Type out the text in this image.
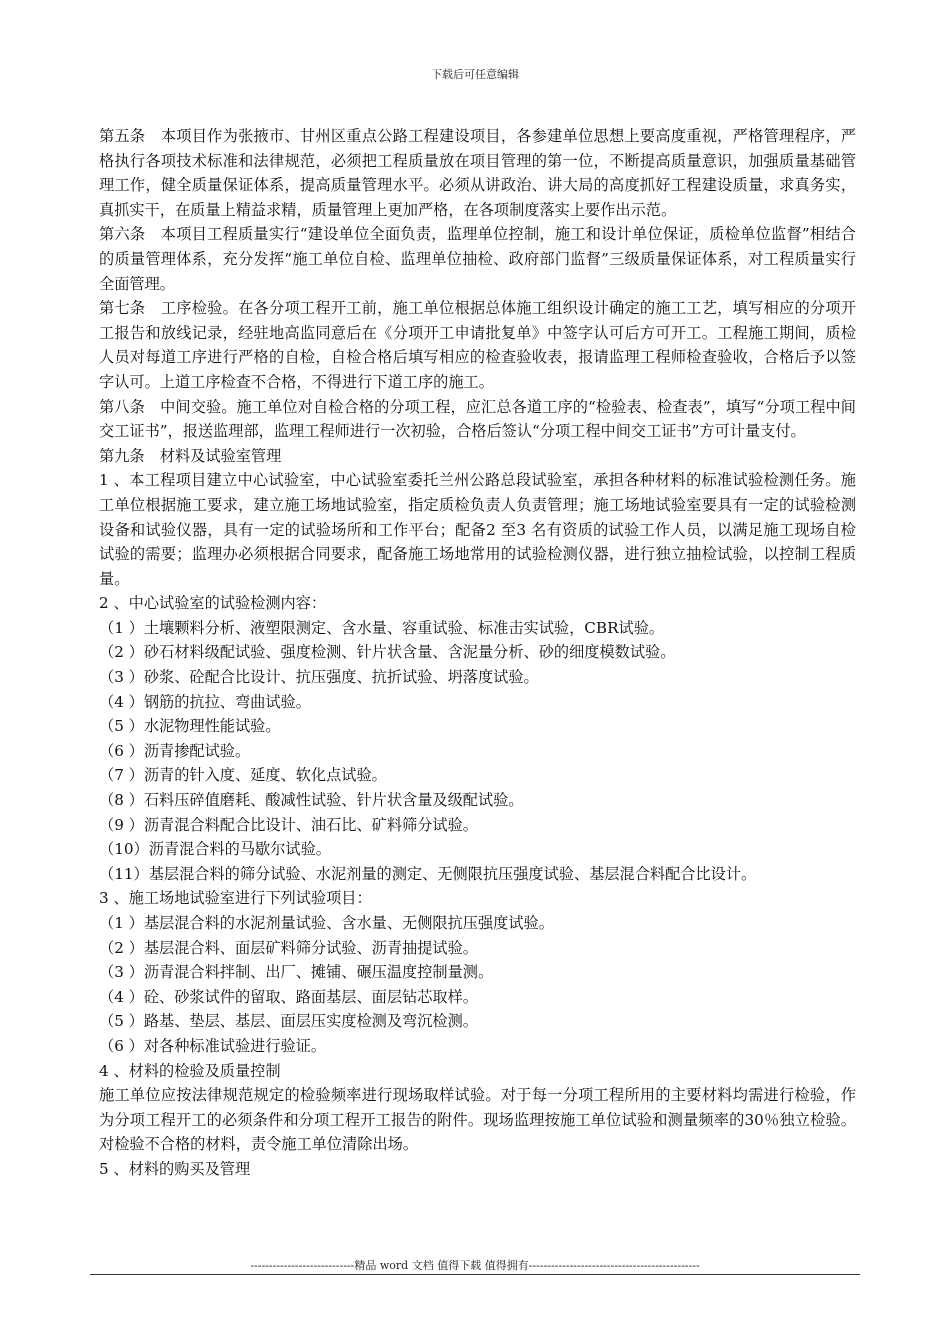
下载后可任意编辑

第五条　本项目作为张掖市、甘州区重点公路工程建设项目，各参建单位思想上要高度重视，严格管理程序，严格执行各项技术标准和法律规范，必须把工程质量放在项目管理的第一位，不断提高质量意识，加强质量基础管理工作，健全质量保证体系，提高质量管理水平。必须从讲政治、讲大局的高度抓好工程建设质量，求真务实，真抓实干，在质量上精益求精，质量管理上更加严格，在各项制度落实上要作出示范。

第六条　本项目工程质量实行“建设单位全面负责，监理单位控制，施工和设计单位保证，质检单位监督”相结合的质量管理体系，充分发挥“施工单位自检、监理单位抽检、政府部门监督”三级质量保证体系，对工程质量实行全面管理。

第七条　工序检验。在各分项工程开工前，施工单位根据总体施工组织设计确定的施工工艺，填写相应的分项开工报告和放线记录，经驻地高监同意后在《分项开工申请批复单》中签字认可后方可开工。工程施工期间，质检人员对每道工序进行严格的自检，自检合格后填写相应的检查验收表，报请监理工程师检查验收，合格后予以签字认可。上道工序检查不合格，不得进行下道工序的施工。

第八条　中间交验。施工单位对自检合格的分项工程，应汇总各道工序的“检验表、检查表”，填写“分项工程中间交工证书”，报送监理部，监理工程师进行一次初验，合格后签认“分项工程中间交工证书”方可计量支付。

第九条　材料及试验室管理

1 、本工程项目建立中心试验室，中心试验室委托兰州公路总段试验室，承担各种材料的标准试验检测任务。施工单位根据施工要求，建立施工场地试验室，指定质检负责人负责管理；施工场地试验室要具有一定的试验检测设备和试验仪器，具有一定的试验场所和工作平台；配备2 至3 名有资质的试验工作人员，以满足施工现场自检试验的需要；监理办必须根据合同要求，配备施工场地常用的试验检测仪器，进行独立抽检试验，以控制工程质量。

2 、中心试验室的试验检测内容：

（1 ）土壤颗料分析、液塑限测定、含水量、容重试验、标准击实试验，CBR试验。

（2 ）砂石材料级配试验、强度检测、针片状含量、含泥量分析、砂的细度模数试验。

（3 ）砂浆、砼配合比设计、抗压强度、抗折试验、坍落度试验。

（4 ）钢筋的抗拉、弯曲试验。

（5 ）水泥物理性能试验。

（6 ）沥青掺配试验。

（7 ）沥青的针入度、延度、软化点试验。

（8 ）石料压碎值磨耗、酸减性试验、针片状含量及级配试验。

（9 ）沥青混合料配合比设计、油石比、矿料筛分试验。

（10）沥青混合料的马歇尔试验。

（11）基层混合料的筛分试验、水泥剂量的测定、无侧限抗压强度试验、基层混合料配合比设计。

3 、施工场地试验室进行下列试验项目：

（1 ）基层混合料的水泥剂量试验、含水量、无侧限抗压强度试验。

（2 ）基层混合料、面层矿料筛分试验、沥青抽提试验。

（3 ）沥青混合料拌制、出厂、摊铺、碾压温度控制量测。

（4 ）砼、砂浆试件的留取、路面基层、面层钻芯取样。

（5 ）路基、垫层、基层、面层压实度检测及弯沉检测。

（6 ）对各种标准试验进行验证。

4 、材料的检验及质量控制

施工单位应按法律规范规定的检验频率进行现场取样试验。对于每一分项工程所用的主要材料均需进行检验，作为分项工程开工的必须条件和分项工程开工报告的附件。现场监理按施工单位试验和测量频率的30％独立检验。对检验不合格的材料，责令施工单位清除出场。

5 、材料的购买及管理

----------------------------精品 word 文档 值得下载 值得拥有----------------------------------------------
